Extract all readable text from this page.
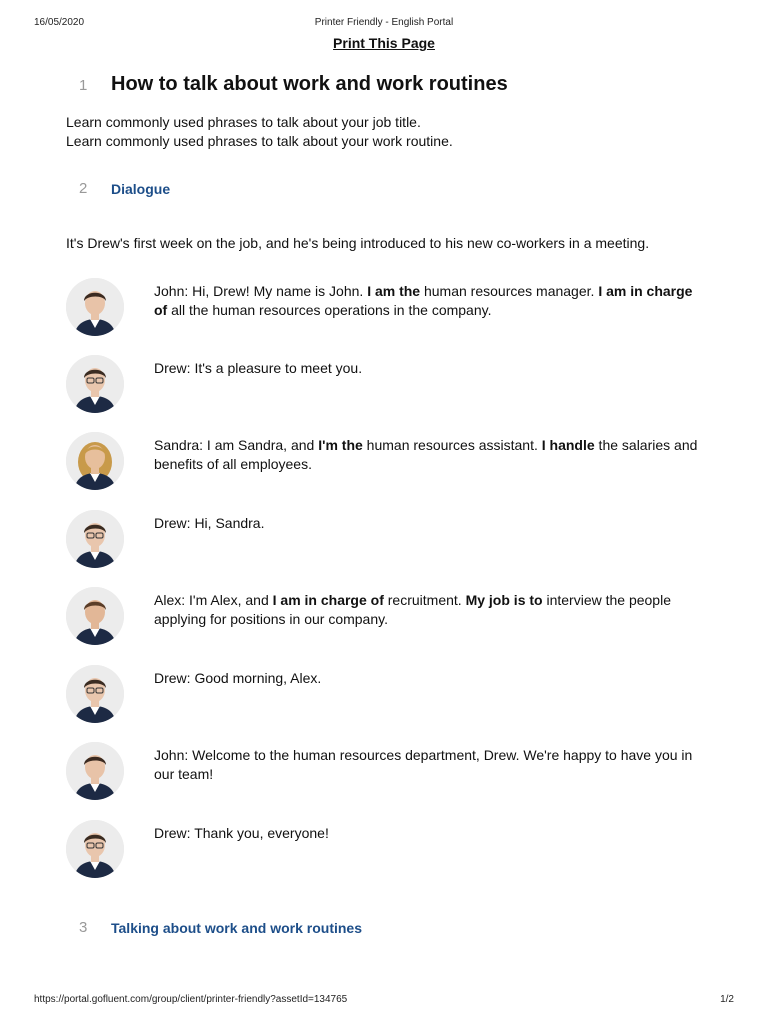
16/05/2020	Printer Friendly - English Portal
Print This Page
1 How to talk about work and work routines
Learn commonly used phrases to talk about your job title.
Learn commonly used phrases to talk about your work routine.
2 Dialogue
It's Drew's first week on the job, and he's being introduced to his new co-workers in a meeting.
John: Hi, Drew! My name is John. I am the human resources manager. I am in charge of all the human resources operations in the company.
Drew: It's a pleasure to meet you.
Sandra: I am Sandra, and I'm the human resources assistant. I handle the salaries and benefits of all employees.
Drew: Hi, Sandra.
Alex: I'm Alex, and I am in charge of recruitment. My job is to interview the people applying for positions in our company.
Drew: Good morning, Alex.
John: Welcome to the human resources department, Drew. We're happy to have you in our team!
Drew: Thank you, everyone!
3 Talking about work and work routines
https://portal.gofluent.com/group/client/printer-friendly?assetId=134765	1/2
